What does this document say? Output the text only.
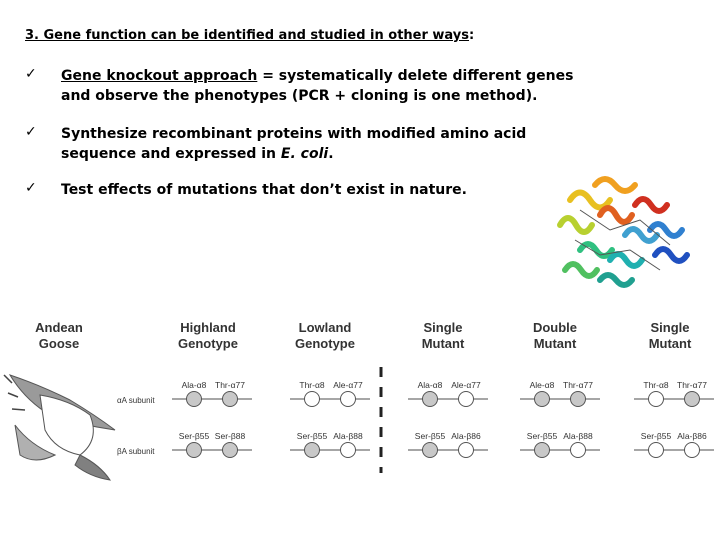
3. Gene function can be identified and studied in other ways:
✓	Gene knockout approach = systematically delete different genes
and observe the phenotypes (PCR + cloning is one method).
✓	Synthesize recombinant proteins with modified amino acid
sequence and expressed in E. coli.
✓	Test effects of mutations that don’t exist in nature.
Andean
Goose
Highland
Genotype
Lowland
Genotype
Single
Mutant
Double
Mutant
Single
Mutant
αA subunit
βA subunit
Ala-α8 Thr-α77	Thr-α8 Ale-α77	Ala-α8 Ale-α77	Ale-α8 Thr-α77	Thr-α8 Thr-α77
Ser-β55 Ser-β88	Ser-β55 Ala-β88	Ser-β55 Ala-β86	Ser-β55 Ala-β88	Ser-β55 Ala-β86
